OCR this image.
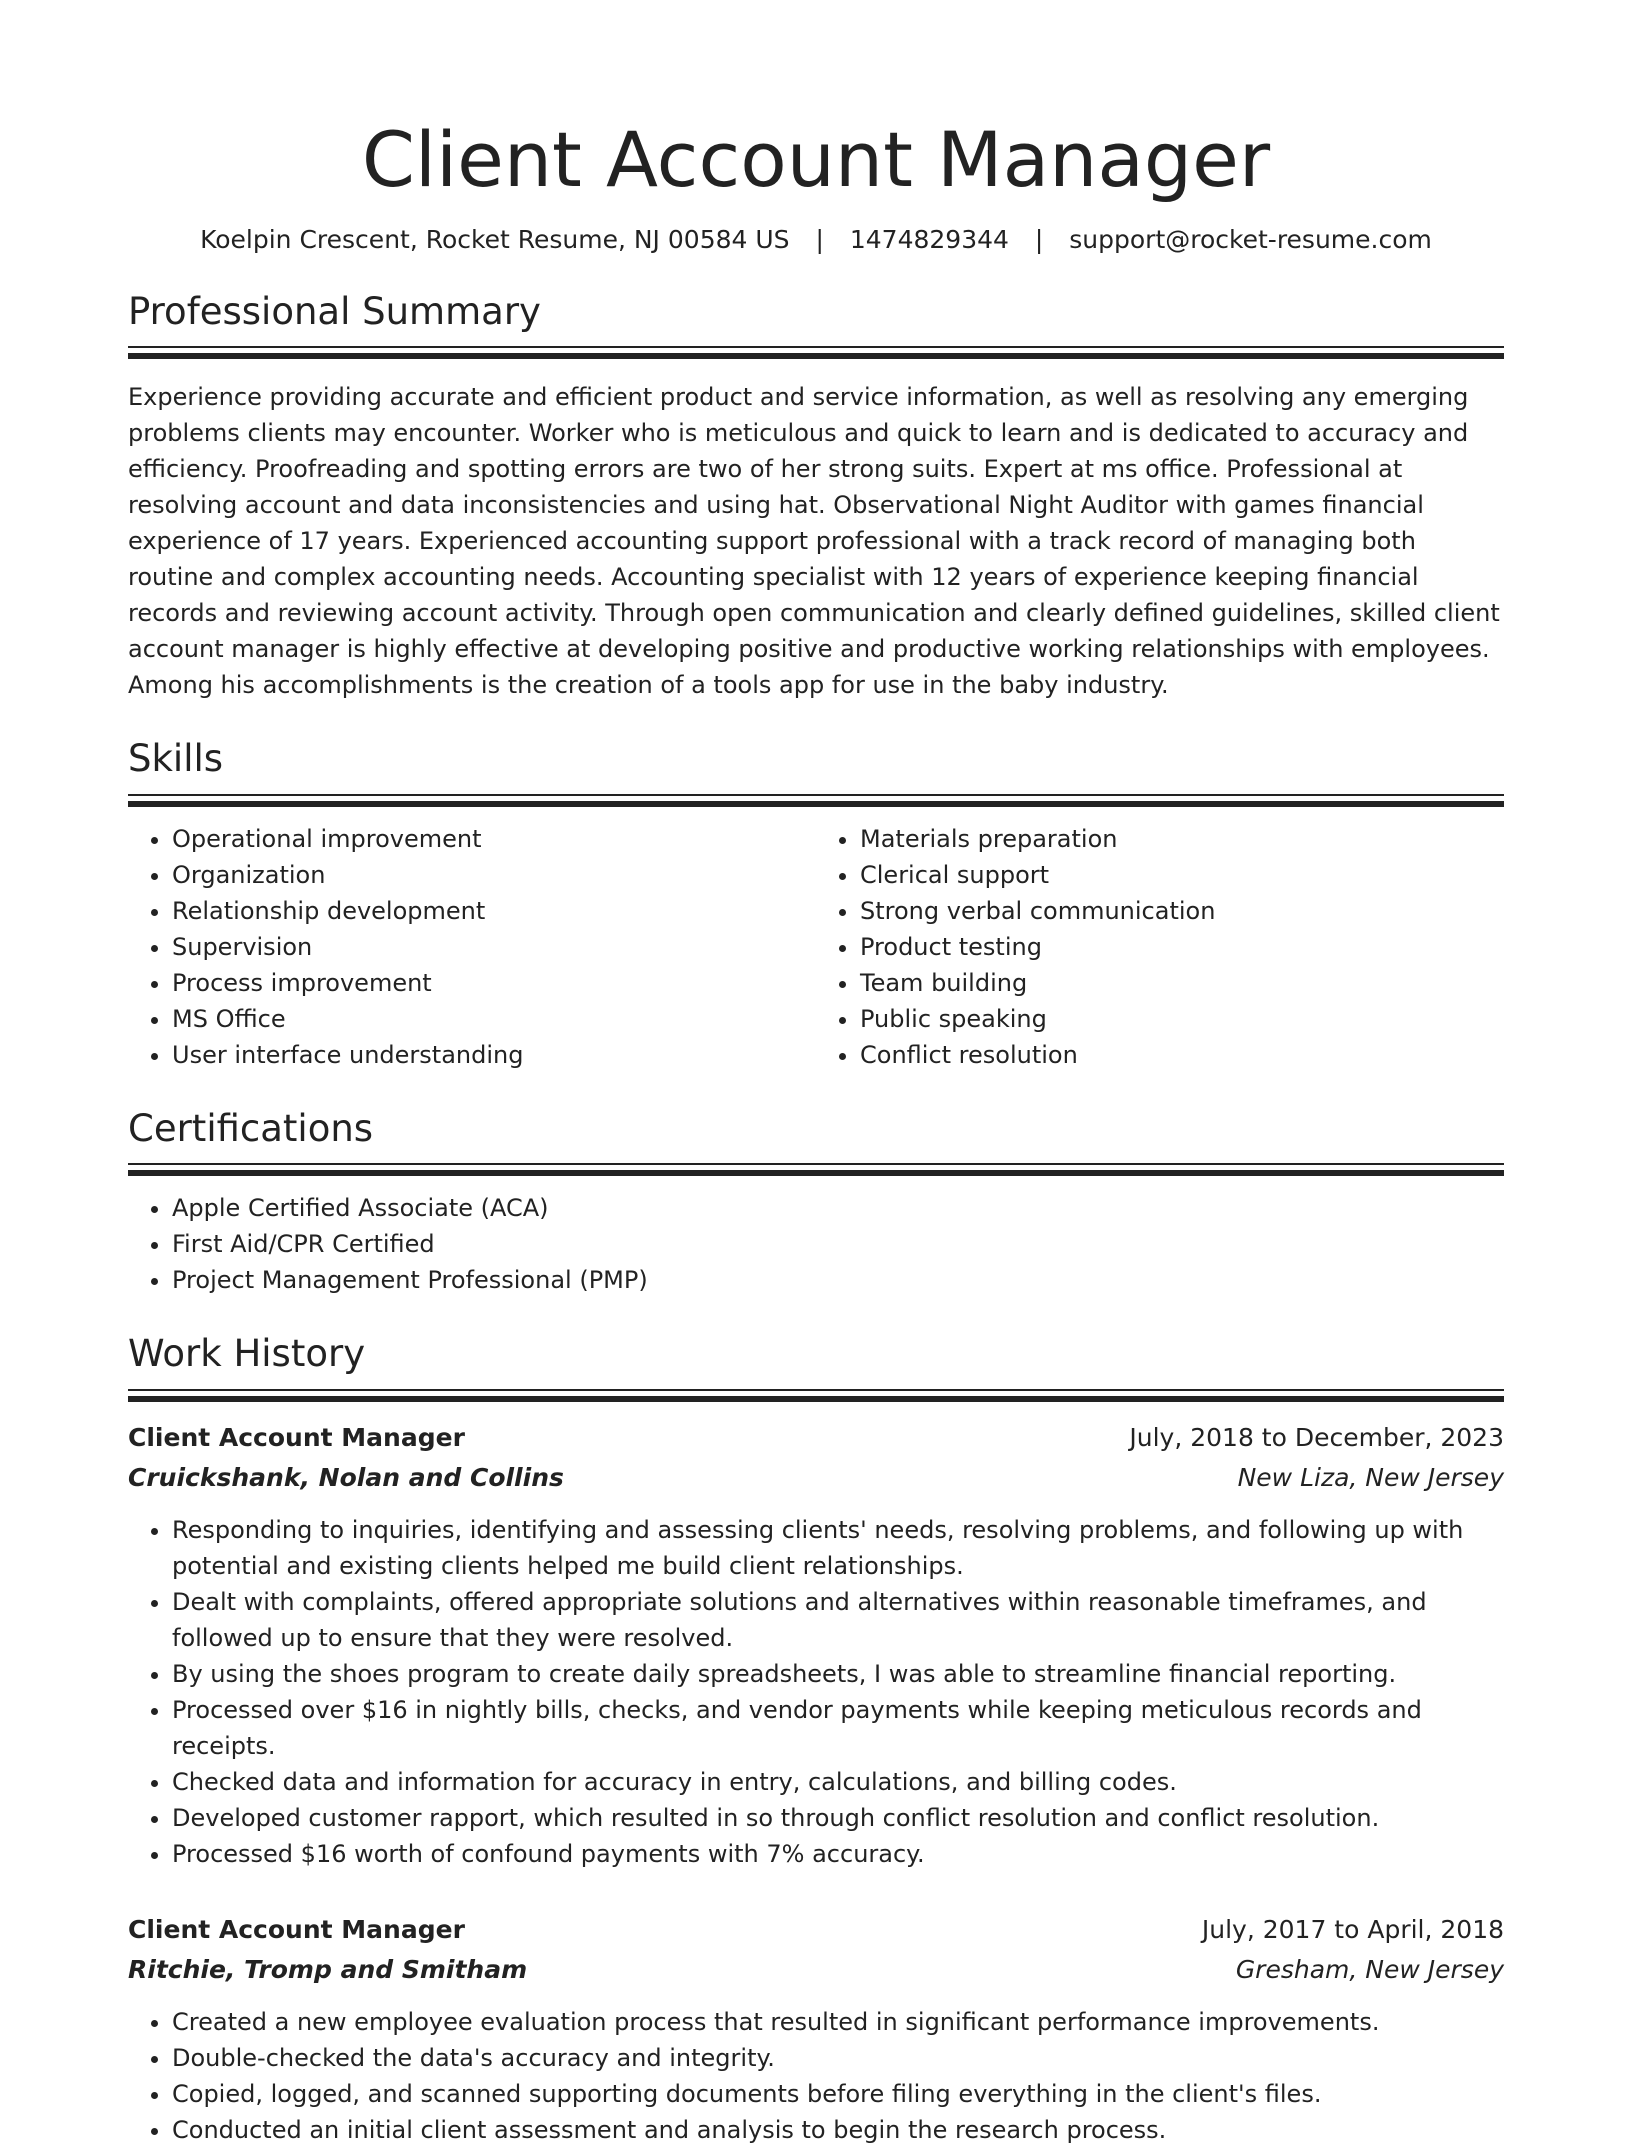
Client Account Manager
Koelpin Crescent, Rocket Resume, NJ 00584 US | 1474829344 | support@rocket-resume.com
Professional Summary

Experience providing accurate and efficient product and service information, as well as resolving any emerging problems clients may encounter. Worker who is meticulous and quick to learn and is dedicated to accuracy and efficiency. Proofreading and spotting errors are two of her strong suits. Expert at ms office. Professional at resolving account and data inconsistencies and using hat. Observational Night Auditor with games financial experience of 17 years. Experienced accounting support professional with a track record of managing both routine and complex accounting needs. Accounting specialist with 12 years of experience keeping financial records and reviewing account activity. Through open communication and clearly defined guidelines, skilled client account manager is highly effective at developing positive and productive working relationships with employees. Among his accomplishments is the creation of a tools app for use in the baby industry.

Skills
• Operational improvement
• Organization
• Relationship development
• Supervision
• Process improvement
• MS Office
• User interface understanding
• Materials preparation
• Clerical support
• Strong verbal communication
• Product testing
• Team building
• Public speaking
• Conflict resolution
Certifications
• Apple Certified Associate (ACA)
• First Aid/CPR Certified
• Project Management Professional (PMP)
Work History
Client Account Manager	July, 2018 to December, 2023
Cruickshank, Nolan and Collins	New Liza, New Jersey
• Responding to inquiries, identifying and assessing clients' needs, resolving problems, and following up with potential and existing clients helped me build client relationships.
• Dealt with complaints, offered appropriate solutions and alternatives within reasonable timeframes, and followed up to ensure that they were resolved.
• By using the shoes program to create daily spreadsheets, I was able to streamline financial reporting.
• Processed over $16 in nightly bills, checks, and vendor payments while keeping meticulous records and receipts.
• Checked data and information for accuracy in entry, calculations, and billing codes.
• Developed customer rapport, which resulted in so through conflict resolution and conflict resolution.
• Processed $16 worth of confound payments with 7% accuracy.
Client Account Manager	July, 2017 to April, 2018
Ritchie, Tromp and Smitham	Gresham, New Jersey
• Created a new employee evaluation process that resulted in significant performance improvements.
• Double-checked the data's accuracy and integrity.
• Copied, logged, and scanned supporting documents before filing everything in the client's files.
• Conducted an initial client assessment and analysis to begin the research process.
